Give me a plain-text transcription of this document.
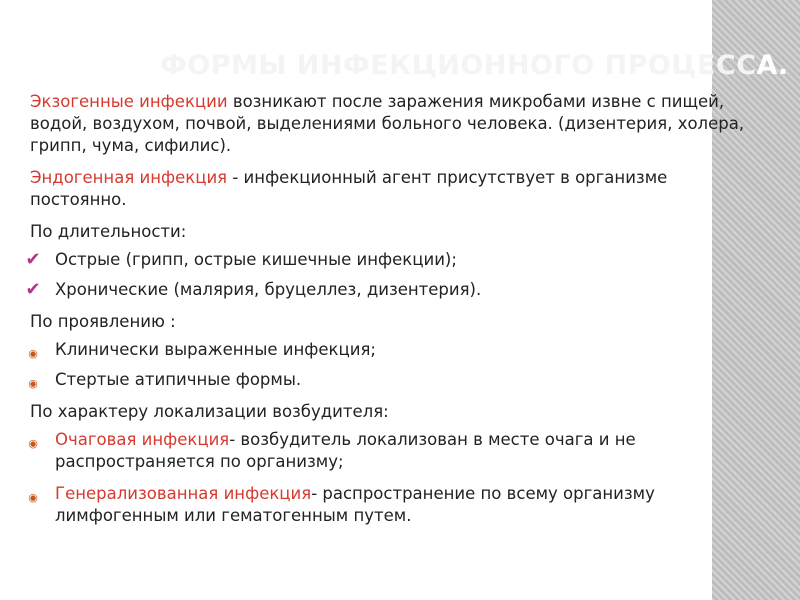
ФОРМЫ ИНФЕКЦИОННОГО ПРОЦЕССА.

Экзогенные инфекции возникают после заражения микробами извне с пищей, водой, воздухом, почвой, выделениями больного человека. (дизентерия, холера, грипп, чума, сифилис).

Эндогенная инфекция - инфекционный агент присутствует в организме постоянно.

По длительности:

✔ Острые (грипп, острые кишечные инфекции);
✔ Хронические (малярия, бруцеллез, дизентерия).

По проявлению :

◉	Клинически выраженные инфекция;
◉	Стертые атипичные формы.

По характеру локализации возбудителя:

◉	Очаговая инфекция- возбудитель локализован в месте очага и не распространяется по организму;
◉	Генерализованная инфекция- распространение по всему организму лимфогенным или гематогенным путем.
